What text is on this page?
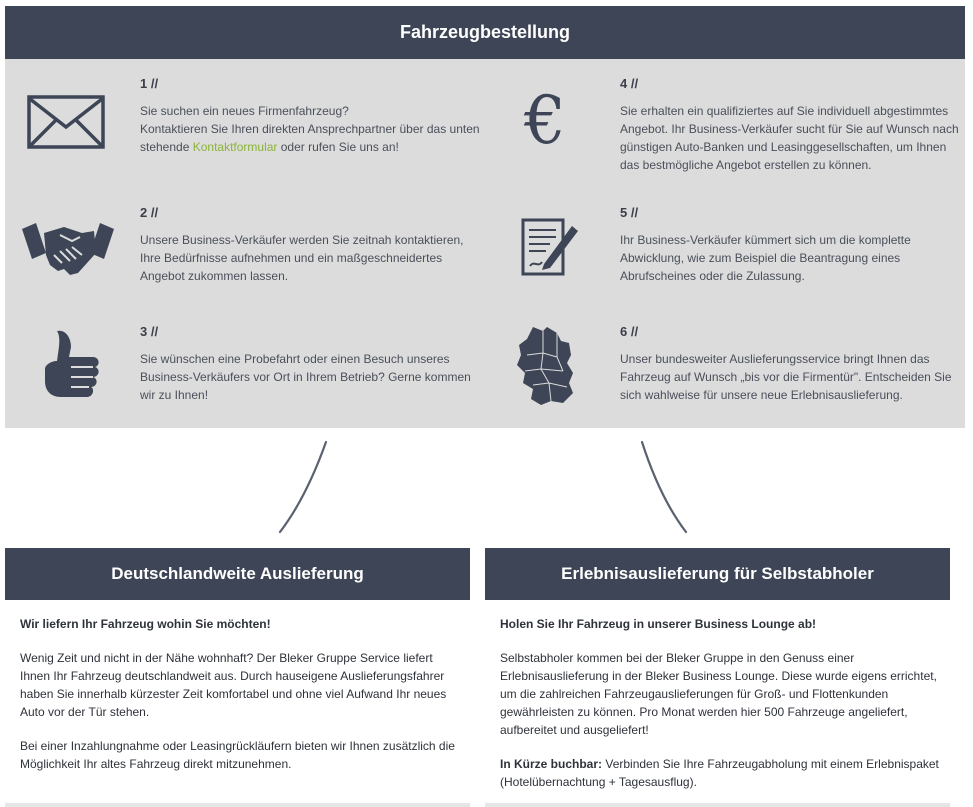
Fahrzeugbestellung
€
1 //
Sie suchen ein neues Firmenfahrzeug?
Kontaktieren Sie Ihren direkten Ansprechpartner über das unten stehende Kontaktformular oder rufen Sie uns an!
2 //
Unsere Business-Verkäufer werden Sie zeitnah kontaktieren, Ihre Bedürfnisse aufnehmen und ein maßgeschneidertes Angebot zukommen lassen.
3 //
Sie wünschen eine Probefahrt oder einen Besuch unseres Business-Verkäufers vor Ort in Ihrem Betrieb? Gerne kommen wir zu Ihnen!
4 //
Sie erhalten ein qualifiziertes auf Sie individuell abgestimmtes Angebot. Ihr Business-Verkäufer sucht für Sie auf Wunsch nach günstigen Auto-Banken und Leasinggesellschaften, um Ihnen das bestmögliche Angebot erstellen zu können.
5 //
Ihr Business-Verkäufer kümmert sich um die komplette Abwicklung, wie zum Beispiel die Beantragung eines Abrufscheines oder die Zulassung.
6 //
Unser bundesweiter Auslieferungsservice bringt Ihnen das Fahrzeug auf Wunsch „bis vor die Firmentür". Entscheiden Sie sich wahlweise für unsere neue Erlebnisauslieferung.
Deutschlandweite Auslieferung

Wir liefern Ihr Fahrzeug wohin Sie möchten!

Wenig Zeit und nicht in der Nähe wohnhaft? Der Bleker Gruppe Service liefert Ihnen Ihr Fahrzeug deutschlandweit aus. Durch hauseigene Auslieferungsfahrer haben Sie innerhalb kürzester Zeit komfortabel und ohne viel Aufwand Ihr neues Auto vor der Tür stehen.

Bei einer Inzahlungnahme oder Leasingrückläufern bieten wir Ihnen zusätzlich die Möglichkeit Ihr altes Fahrzeug direkt mitzunehmen.

Erlebnisauslieferung für Selbstabholer

Holen Sie Ihr Fahrzeug in unserer Business Lounge ab!

Selbstabholer kommen bei der Bleker Gruppe in den Genuss einer Erlebnisauslieferung in der Bleker Business Lounge. Diese wurde eigens errichtet, um die zahlreichen Fahrzeugauslieferungen für Groß- und Flottenkunden gewährleisten zu können. Pro Monat werden hier 500 Fahrzeuge angeliefert, aufbereitet und ausgeliefert!

In Kürze buchbar: Verbinden Sie Ihre Fahrzeugabholung mit einem Erlebnispaket (Hotelübernachtung + Tagesausflug).
